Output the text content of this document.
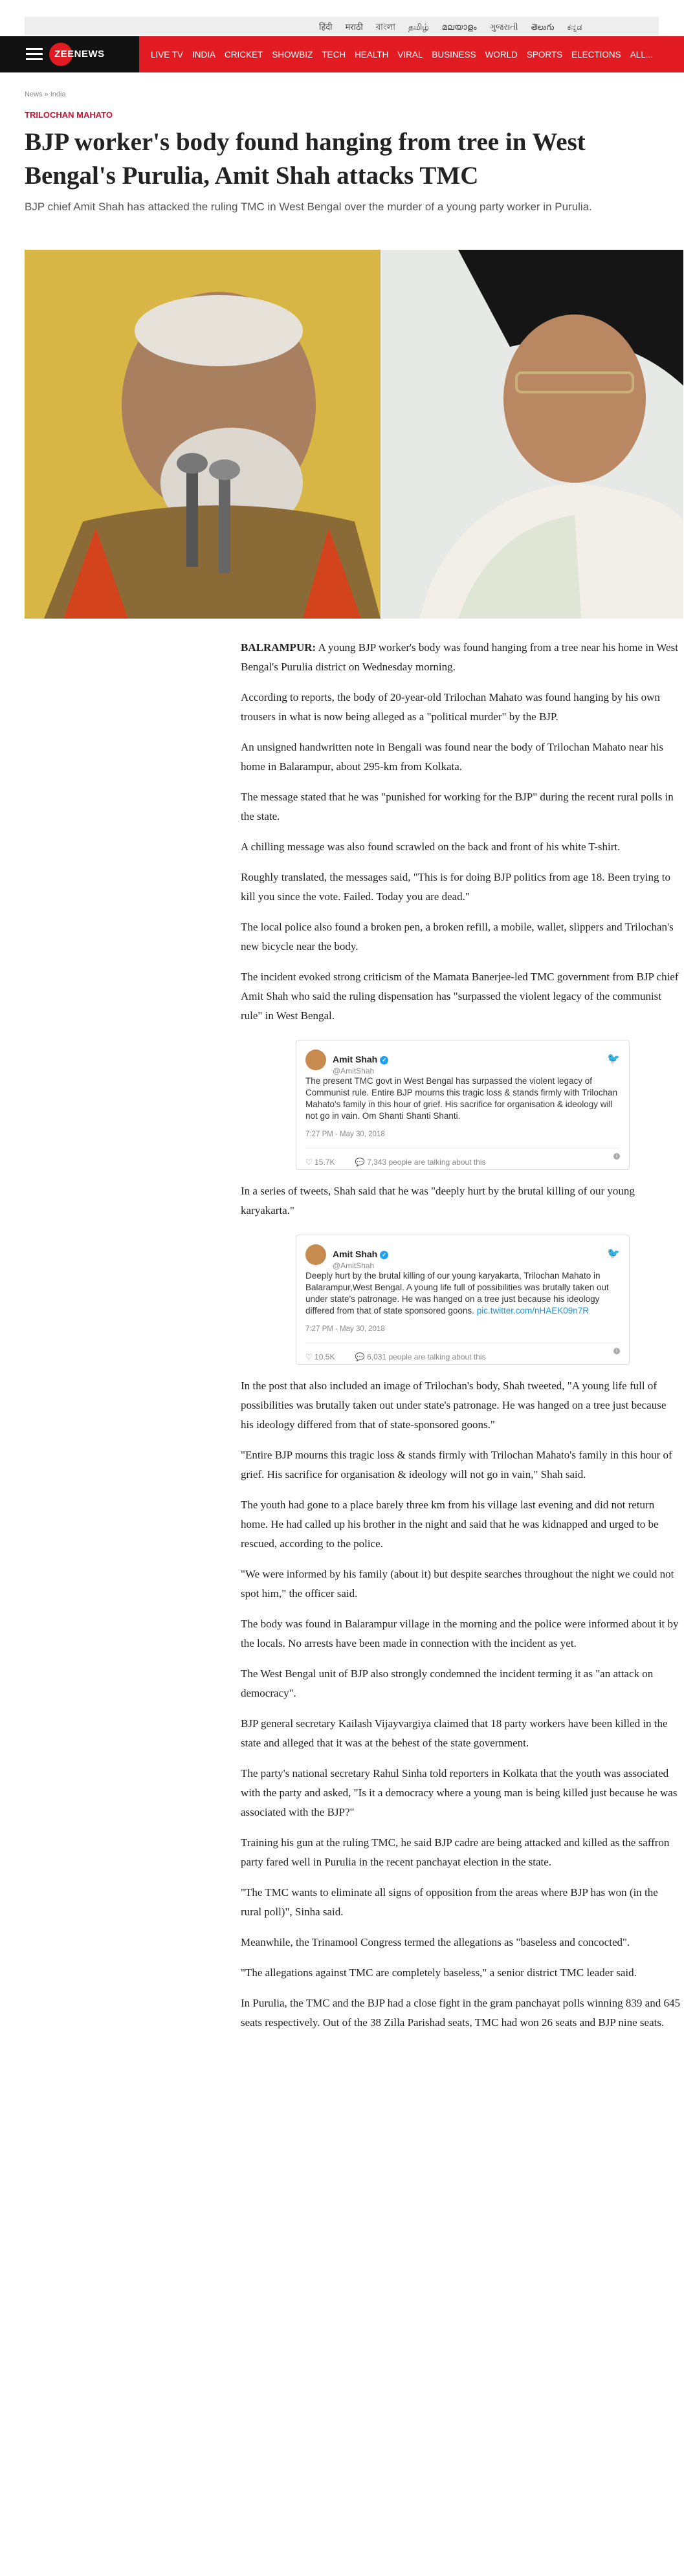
हिंदी मराठी বাংলা தமிழ் മലയാളം ગુજરાતી తెలుగు ಕನ್ನಡ
ZEENEWS	LIVE TV INDIA CRICKET SHOWBIZ TECH HEALTH VIRAL BUSINESS WORLD SPORTS ELECTIONS ALL...
News » India
TRILOCHAN MAHATO
BJP worker's body found hanging from tree in West Bengal's Purulia, Amit Shah attacks TMC

BJP chief Amit Shah has attacked the ruling TMC in West Bengal over the murder of a young party worker in Purulia.

BALRAMPUR: A young BJP worker's body was found hanging from a tree near his home in West Bengal's Purulia district on Wednesday morning.

According to reports, the body of 20-year-old Trilochan Mahato was found hanging by his own trousers in what is now being alleged as a "political murder" by the BJP.

An unsigned handwritten note in Bengali was found near the body of Trilochan Mahato near his home in Balarampur, about 295-km from Kolkata.

The message stated that he was "punished for working for the BJP" during the recent rural polls in the state.

A chilling message was also found scrawled on the back and front of his white T-shirt.

Roughly translated, the messages said, "This is for doing BJP politics from age 18. Been trying to kill you since the vote. Failed. Today you are dead."

The local police also found a broken pen, a broken refill, a mobile, wallet, slippers and Trilochan's new bicycle near the body.

The incident evoked strong criticism of the Mamata Banerjee-led TMC government from BJP chief Amit Shah who said the ruling dispensation has "surpassed the violent legacy of the communist rule" in West Bengal.

Amit Shah ✓
@AmitShah
🐦
The present TMC govt in West Bengal has surpassed the violent legacy of Communist rule. Entire BJP mourns this tragic loss & stands firmly with Trilochan Mahato's family in this hour of grief. His sacrifice for organisation & ideology will not go in vain. Om Shanti Shanti Shanti.
7:27 PM - May 30, 2018
♡ 15.7K	💬 7,343 people are talking about this
i

In a series of tweets, Shah said that he was "deeply hurt by the brutal killing of our young karyakarta."

Amit Shah ✓
@AmitShah
🐦
Deeply hurt by the brutal killing of our young karyakarta, Trilochan Mahato in Balarampur,West Bengal. A young life full of possibilities was brutally taken out under state's patronage. He was hanged on a tree just because his ideology differed from that of state sponsored goons. pic.twitter.com/nHAEK09n7R
7:27 PM - May 30, 2018
♡ 10.5K	💬 6,031 people are talking about this
i

In the post that also included an image of Trilochan's body, Shah tweeted, "A young life full of possibilities was brutally taken out under state's patronage. He was hanged on a tree just because his ideology differed from that of state-sponsored goons."

"Entire BJP mourns this tragic loss & stands firmly with Trilochan Mahato's family in this hour of grief. His sacrifice for organisation & ideology will not go in vain," Shah said.

The youth had gone to a place barely three km from his village last evening and did not return home. He had called up his brother in the night and said that he was kidnapped and urged to be rescued, according to the police.

"We were informed by his family (about it) but despite searches throughout the night we could not spot him," the officer said.

The body was found in Balarampur village in the morning and the police were informed about it by the locals. No arrests have been made in connection with the incident as yet.

The West Bengal unit of BJP also strongly condemned the incident terming it as "an attack on democracy".

BJP general secretary Kailash Vijayvargiya claimed that 18 party workers have been killed in the state and alleged that it was at the behest of the state government.

The party's national secretary Rahul Sinha told reporters in Kolkata that the youth was associated with the party and asked, "Is it a democracy where a young man is being killed just because he was associated with the BJP?"

Training his gun at the ruling TMC, he said BJP cadre are being attacked and killed as the saffron party fared well in Purulia in the recent panchayat election in the state.

"The TMC wants to eliminate all signs of opposition from the areas where BJP has won (in the rural poll)", Sinha said.

Meanwhile, the Trinamool Congress termed the allegations as "baseless and concocted".

"The allegations against TMC are completely baseless," a senior district TMC leader said.

In Purulia, the TMC and the BJP had a close fight in the gram panchayat polls winning 839 and 645 seats respectively. Out of the 38 Zilla Parishad seats, TMC had won 26 seats and BJP nine seats.
